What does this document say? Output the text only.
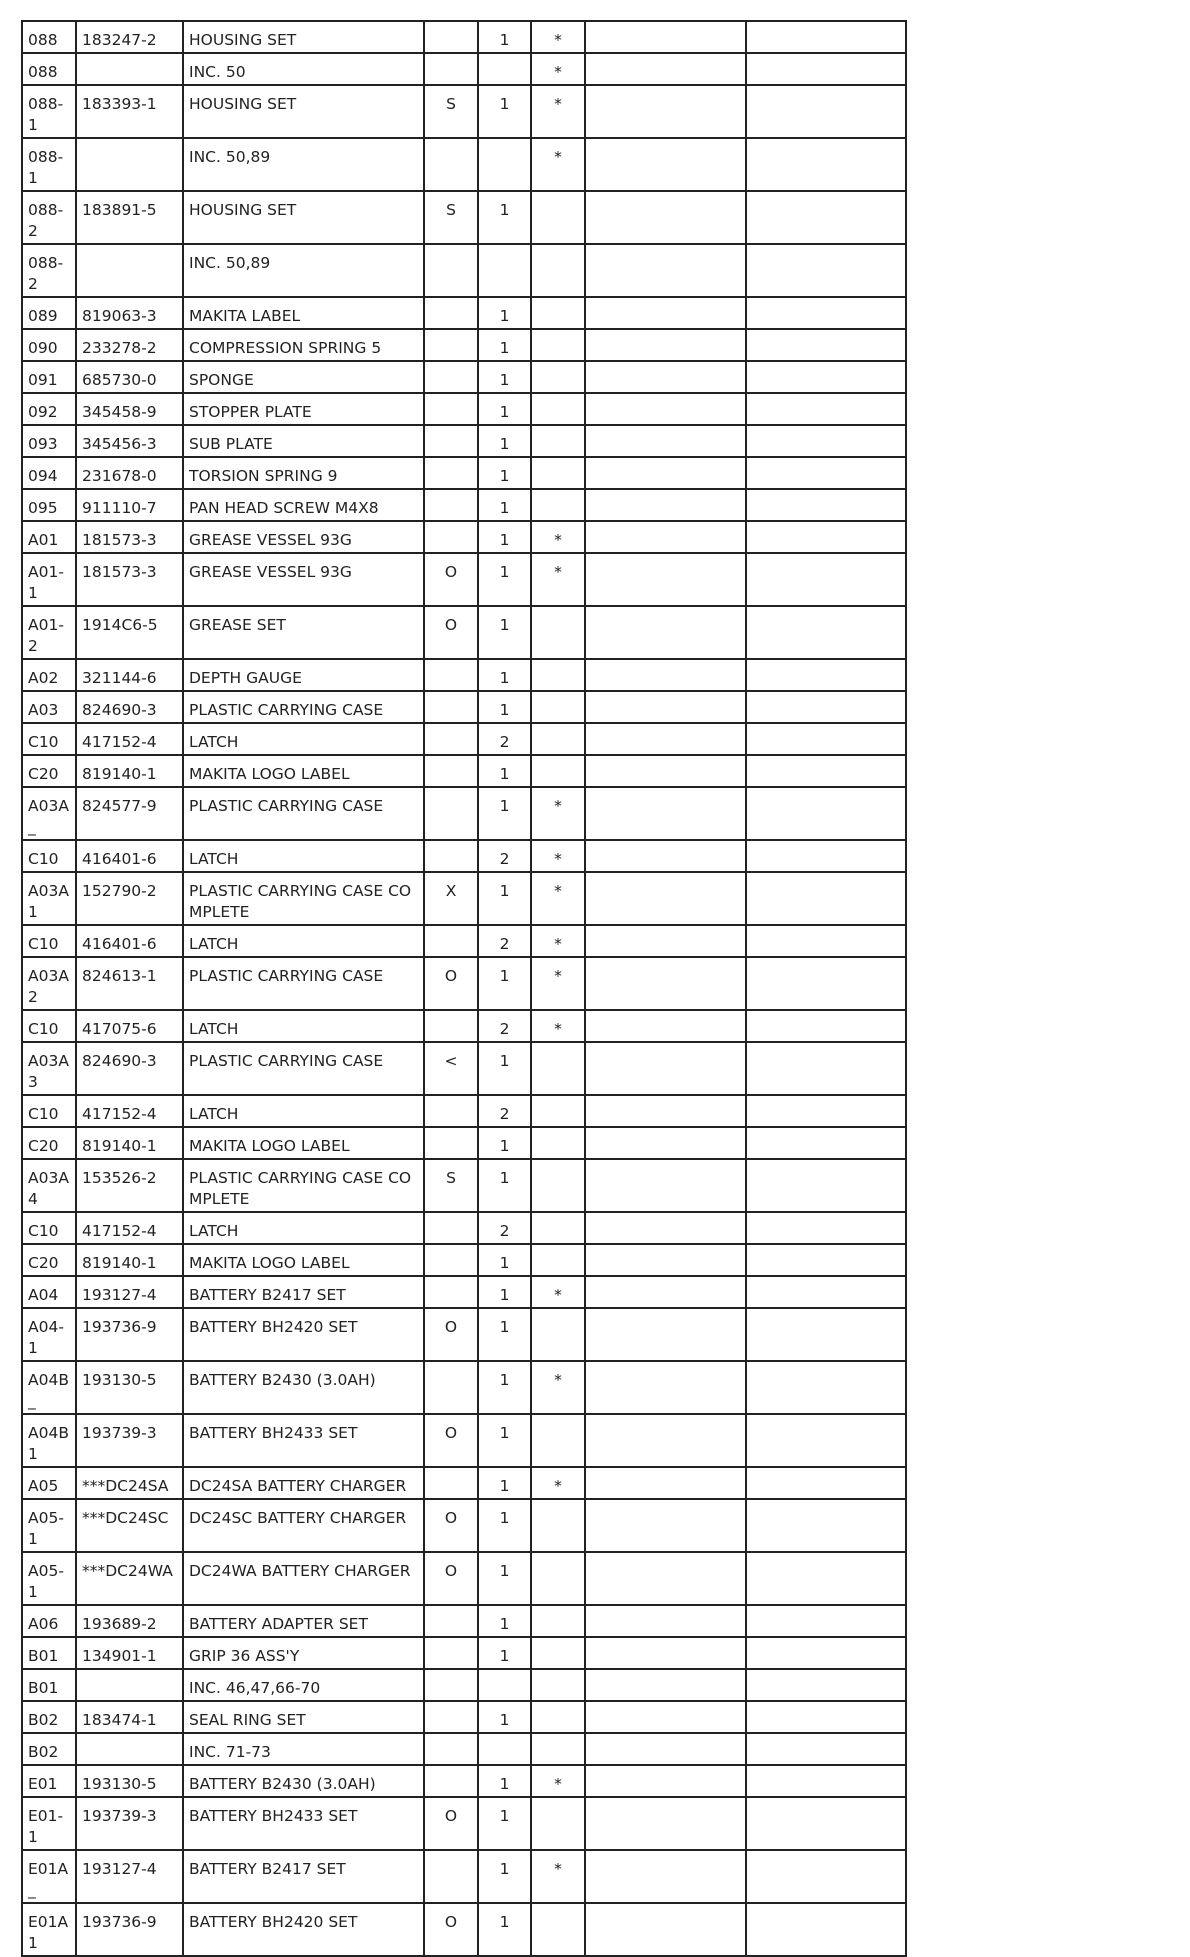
088	183247-2	HOUSING SET		1	*		
088		INC. 50			*		
088-1	183393-1	HOUSING SET	S	1	*		
088-1		INC. 50,89			*		
088-2	183891-5	HOUSING SET	S	1			
088-2		INC. 50,89					
089	819063-3	MAKITA LABEL		1			
090	233278-2	COMPRESSION SPRING 5		1			
091	685730-0	SPONGE		1			
092	345458-9	STOPPER PLATE		1			
093	345456-3	SUB PLATE		1			
094	231678-0	TORSION SPRING 9		1			
095	911110-7	PAN HEAD SCREW M4X8		1			
A01	181573-3	GREASE VESSEL 93G		1	*		
A01-1	181573-3	GREASE VESSEL 93G	O	1	*		
A01-2	1914C6-5	GREASE SET	O	1			
A02	321144-6	DEPTH GAUGE		1			
A03	824690-3	PLASTIC CARRYING CASE		1			
C10	417152-4	LATCH		2			
C20	819140-1	MAKITA LOGO LABEL		1			
A03A_	824577-9	PLASTIC CARRYING CASE		1	*		
C10	416401-6	LATCH		2	*		
A03A1	152790-2	PLASTIC CARRYING CASE COMPLETE	X	1	*		
C10	416401-6	LATCH		2	*		
A03A2	824613-1	PLASTIC CARRYING CASE	O	1	*		
C10	417075-6	LATCH		2	*		
A03A3	824690-3	PLASTIC CARRYING CASE	<	1			
C10	417152-4	LATCH		2			
C20	819140-1	MAKITA LOGO LABEL		1			
A03A4	153526-2	PLASTIC CARRYING CASE COMPLETE	S	1			
C10	417152-4	LATCH		2			
C20	819140-1	MAKITA LOGO LABEL		1			
A04	193127-4	BATTERY B2417 SET		1	*		
A04-1	193736-9	BATTERY BH2420 SET	O	1			
A04B_	193130-5	BATTERY B2430 (3.0AH)		1	*		
A04B1	193739-3	BATTERY BH2433 SET	O	1			
A05	***DC24SA	DC24SA BATTERY CHARGER		1	*		
A05-1	***DC24SC	DC24SC BATTERY CHARGER	O	1			
A05-1	***DC24WA	DC24WA BATTERY CHARGER	O	1			
A06	193689-2	BATTERY ADAPTER SET		1			
B01	134901-1	GRIP 36 ASS'Y		1			
B01		INC. 46,47,66-70					
B02	183474-1	SEAL RING SET		1			
B02		INC. 71-73					
E01	193130-5	BATTERY B2430 (3.0AH)		1	*		
E01-1	193739-3	BATTERY BH2433 SET	O	1			
E01A_	193127-4	BATTERY B2417 SET		1	*		
E01A1	193736-9	BATTERY BH2420 SET	O	1			
